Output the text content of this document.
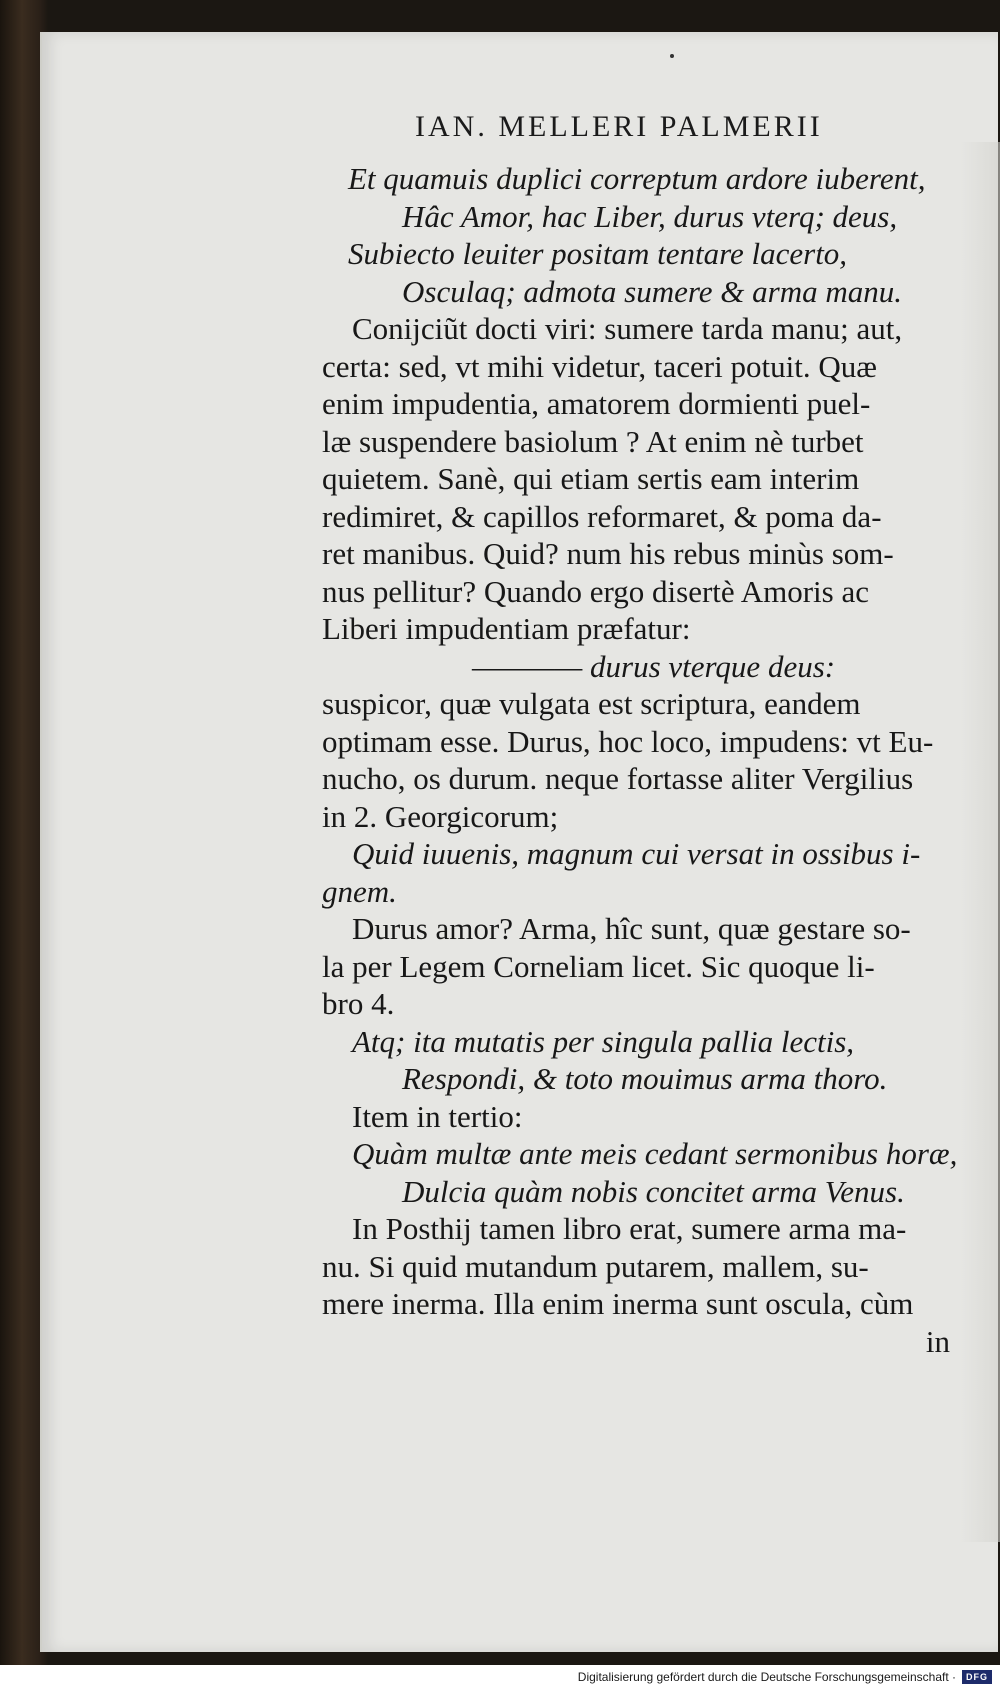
IAN. MELLERI PALMERII
Et quamuis duplici correptum ardore iuberent,
Hâc Amor, hac Liber, durus vterq; deus,
Subiecto leuiter positam tentare lacerto,
Osculaq; admota sumere & arma manu.
Conijciũt docti viri: sumere tarda manu; aut,
certa: sed, vt mihi videtur, taceri potuit. Quæ
enim impudentia, amatorem dormienti puel-
læ suspendere basiolum ? At enim nè turbet
quietem. Sanè, qui etiam sertis eam interim
redimiret, & capillos reformaret, & poma da-
ret manibus. Quid? num his rebus minùs som-
nus pellitur? Quando ergo disertè Amoris ac
Liberi impudentiam præfatur:
———— durus vterque deus:
suspicor, quæ vulgata est scriptura, eandem
optimam esse. Durus, hoc loco, impudens: vt Eu-
nucho, os durum. neque fortasse aliter Vergilius
in 2. Georgicorum;
Quid iuuenis, magnum cui versat in ossibus i-
gnem.
Durus amor? Arma, hîc sunt, quæ gestare so-
la per Legem Corneliam licet. Sic quoque li-
bro 4.
Atq; ita mutatis per singula pallia lectis,
Respondi, & toto mouimus arma thoro.
Item in tertio:
Quàm multæ ante meis cedant sermonibus horæ,
Dulcia quàm nobis concitet arma Venus.
In Posthij tamen libro erat, sumere arma ma-
nu. Si quid mutandum putarem, mallem, su-
mere inerma. Illa enim inerma sunt oscula, cùm
in
Digitalisierung gefördert durch die Deutsche Forschungsgemeinschaft ·	DFG
